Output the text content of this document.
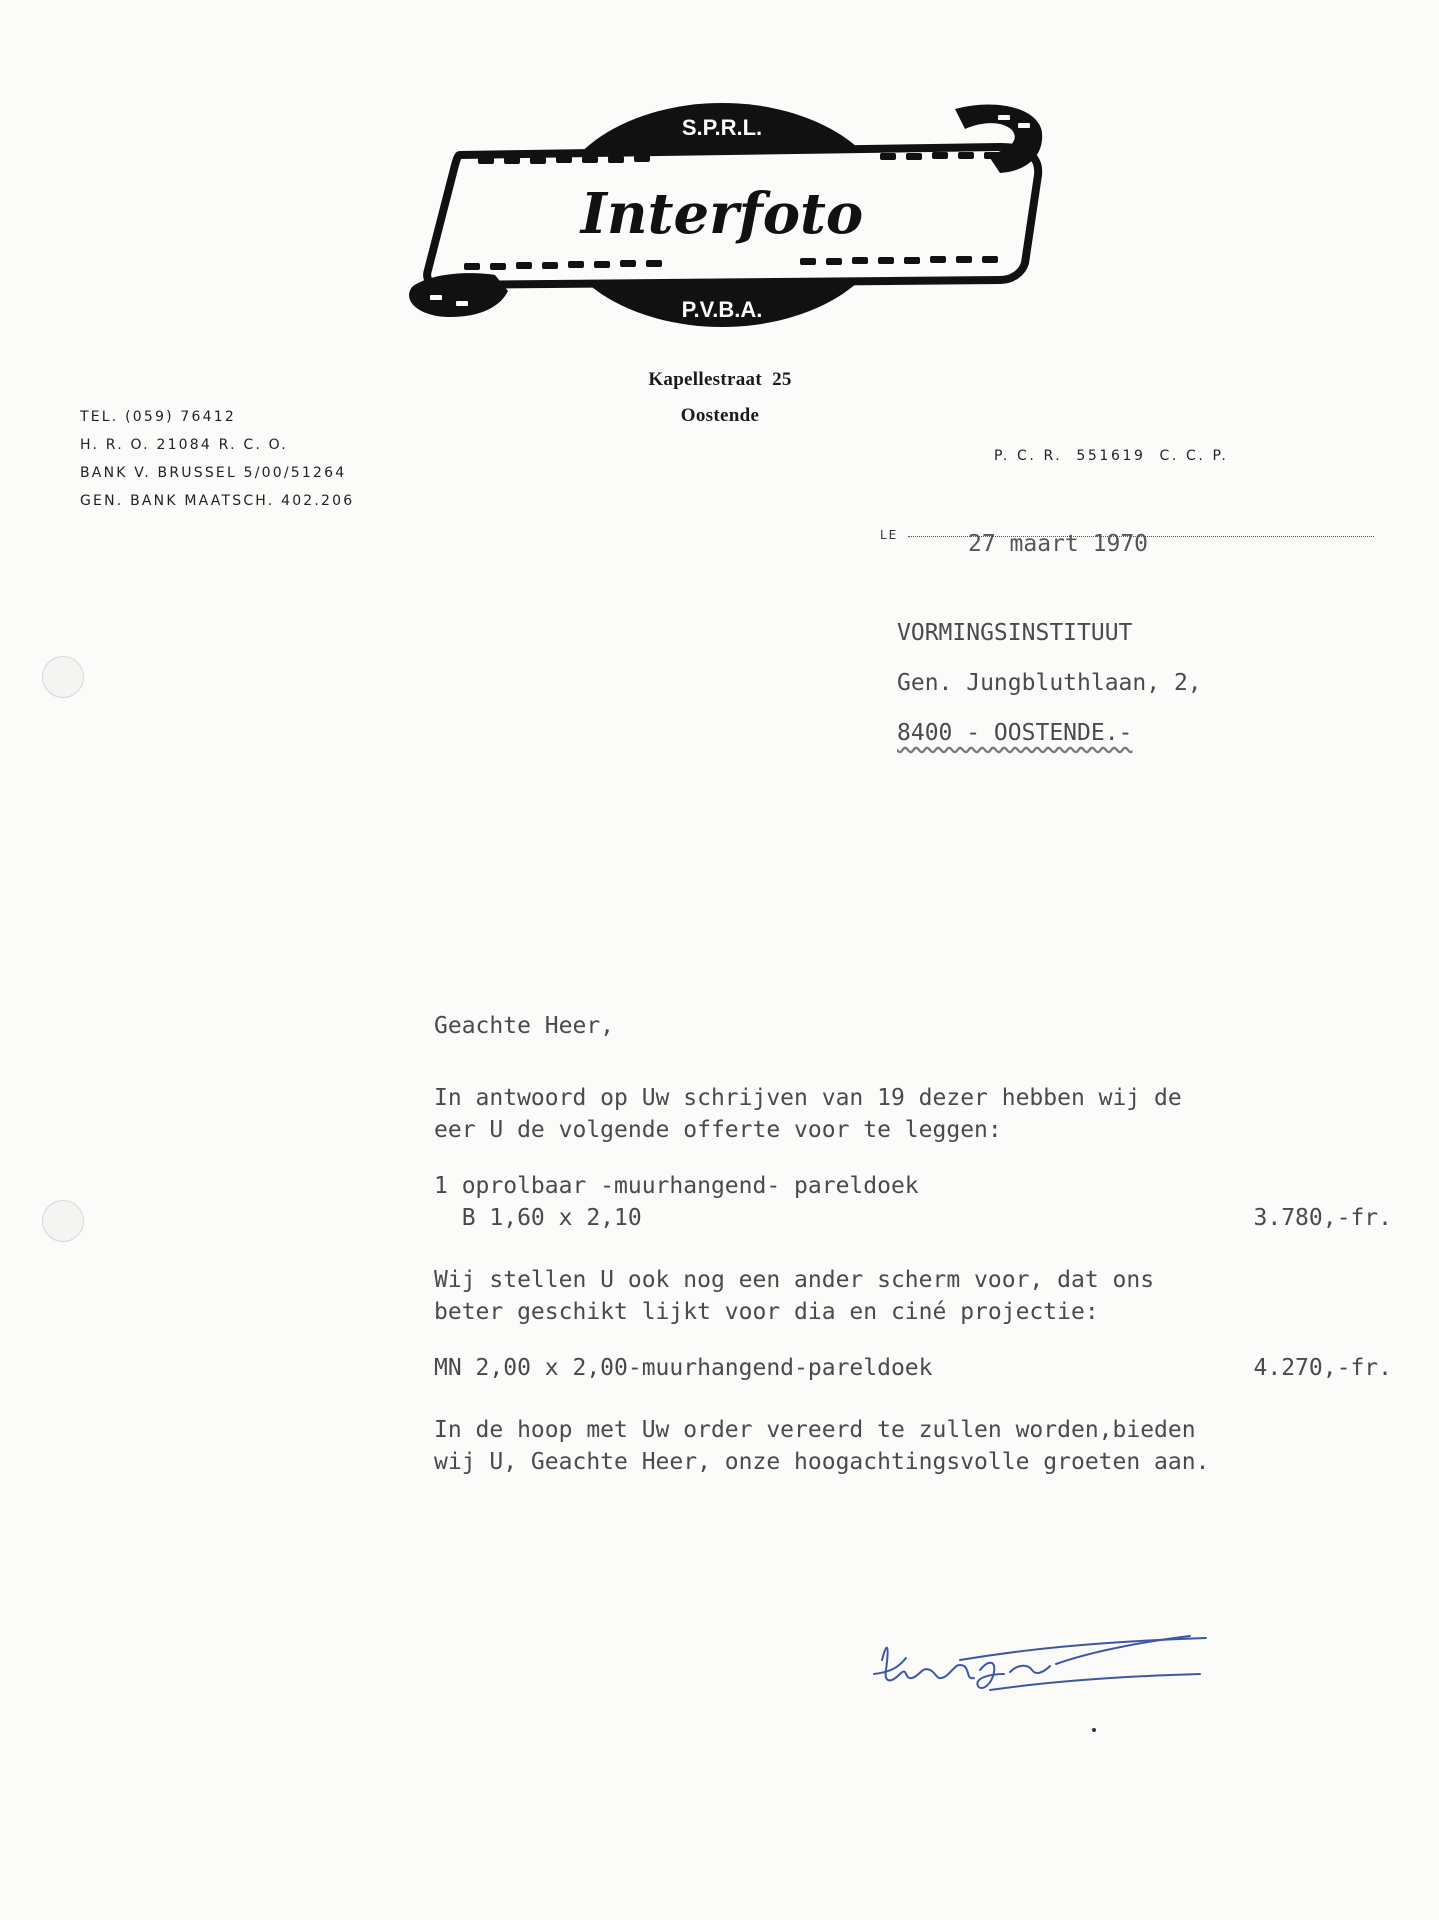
S.P.R.L.
Interfoto
P.V.B.A.
Kapellestraat  25
Oostende
TEL. (059) 76412
H. R. O. 21084 R. C. O.
BANK V. BRUSSEL 5/00/51264
GEN. BANK MAATSCH. 402.206
P. C. R.  551619  C. C. P.
LE	27 maart 1970
VORMINGSINSTITUUT
Gen. Jungbluthlaan, 2,
8400 - OOSTENDE.-

Geachte Heer,

In antwoord op Uw schrijven van 19 dezer hebben wij de

eer U de volgende offerte voor te leggen:

1 oprolbaar -muurhangend- pareldoek

B 1,60 x 2,10	3.780,-fr.

Wij stellen U ook nog een ander scherm voor, dat ons

beter geschikt lijkt voor dia en ciné projectie:

MN 2,00 x 2,00-muurhangend-pareldoek	4.270,-fr.

In de hoop met Uw order vereerd te zullen worden,bieden

wij U, Geachte Heer, onze hoogachtingsvolle groeten aan.
